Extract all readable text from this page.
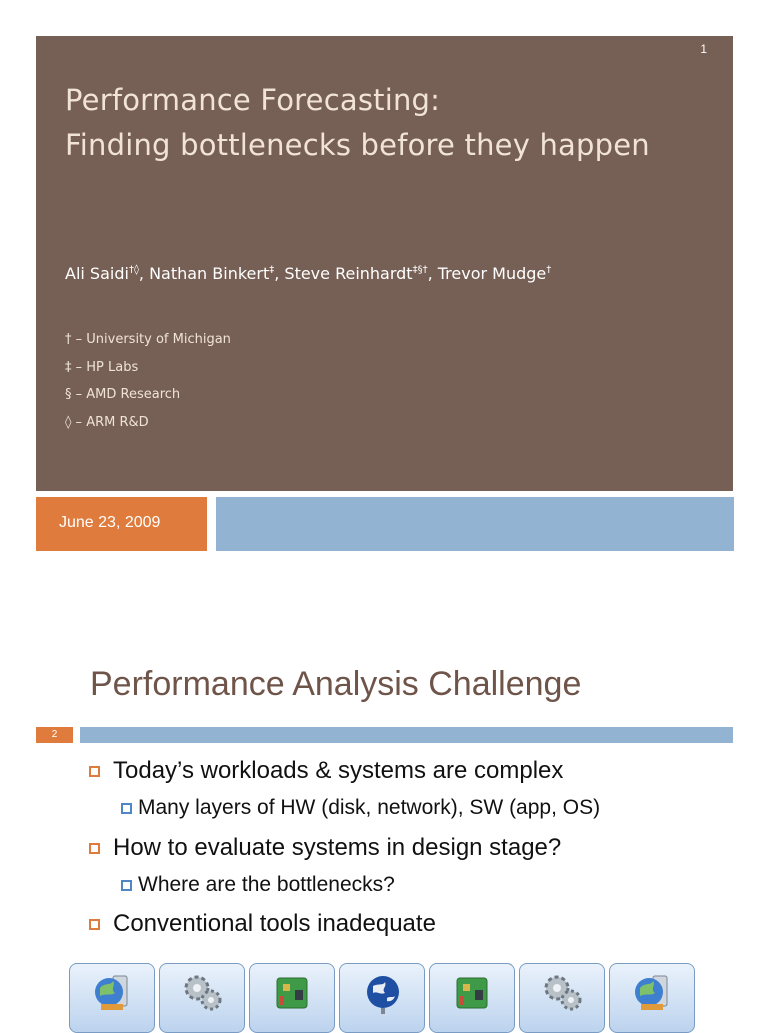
1
Performance Forecasting:
Finding bottlenecks before they happen
Ali Saidi†◊, Nathan Binkert‡, Steve Reinhardt‡§†, Trevor Mudge†
† – University of Michigan
‡ – HP Labs
§ – AMD Research
◊ – ARM R&D
June 23, 2009
Performance Analysis Challenge
2
Today’s workloads & systems are complex
Many layers of HW (disk, network), SW (app, OS)
How to evaluate systems in design stage?
Where are the bottlenecks?
Conventional tools inadequate
